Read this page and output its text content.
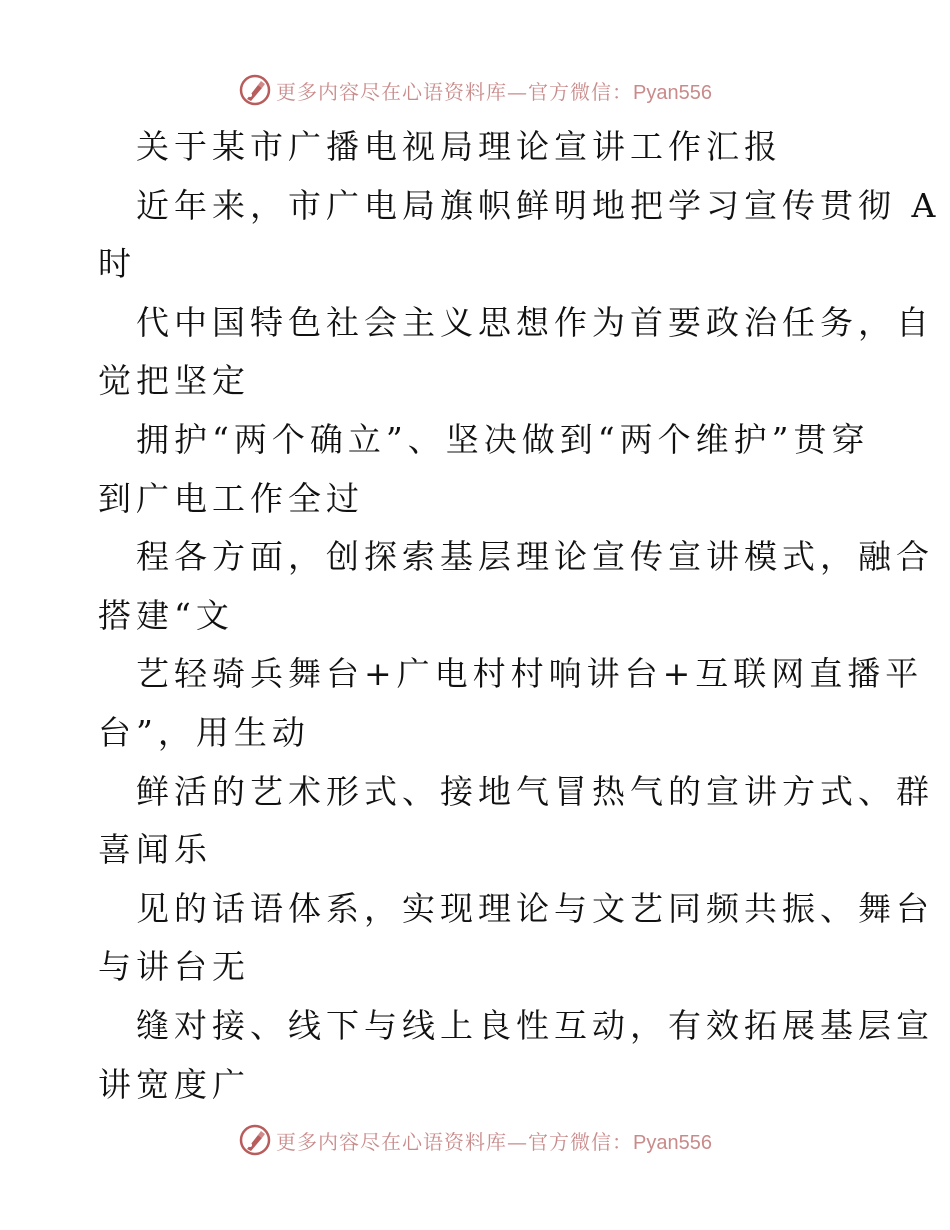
更多内容尽在心语资料库—官方微信：Pyan556
关于某市广播电视局理论宣讲工作汇报
近年来，市广电局旗帜鲜明地把学习宣传贯彻 A
时
代中国特色社会主义思想作为首要政治任务，自
觉把坚定
拥护“两个确立”、坚决做到“两个维护”贯穿
到广电工作全过
程各方面，创探索基层理论宣传宣讲模式，融合
搭建“文
艺轻骑兵舞台+广电村村响讲台+互联网直播平
台”，用生动
鲜活的艺术形式、接地气冒热气的宣讲方式、群
喜闻乐
见的话语体系，实现理论与文艺同频共振、舞台
与讲台无
缝对接、线下与线上良性互动，有效拓展基层宣
讲宽度广
更多内容尽在心语资料库—官方微信：Pyan556
